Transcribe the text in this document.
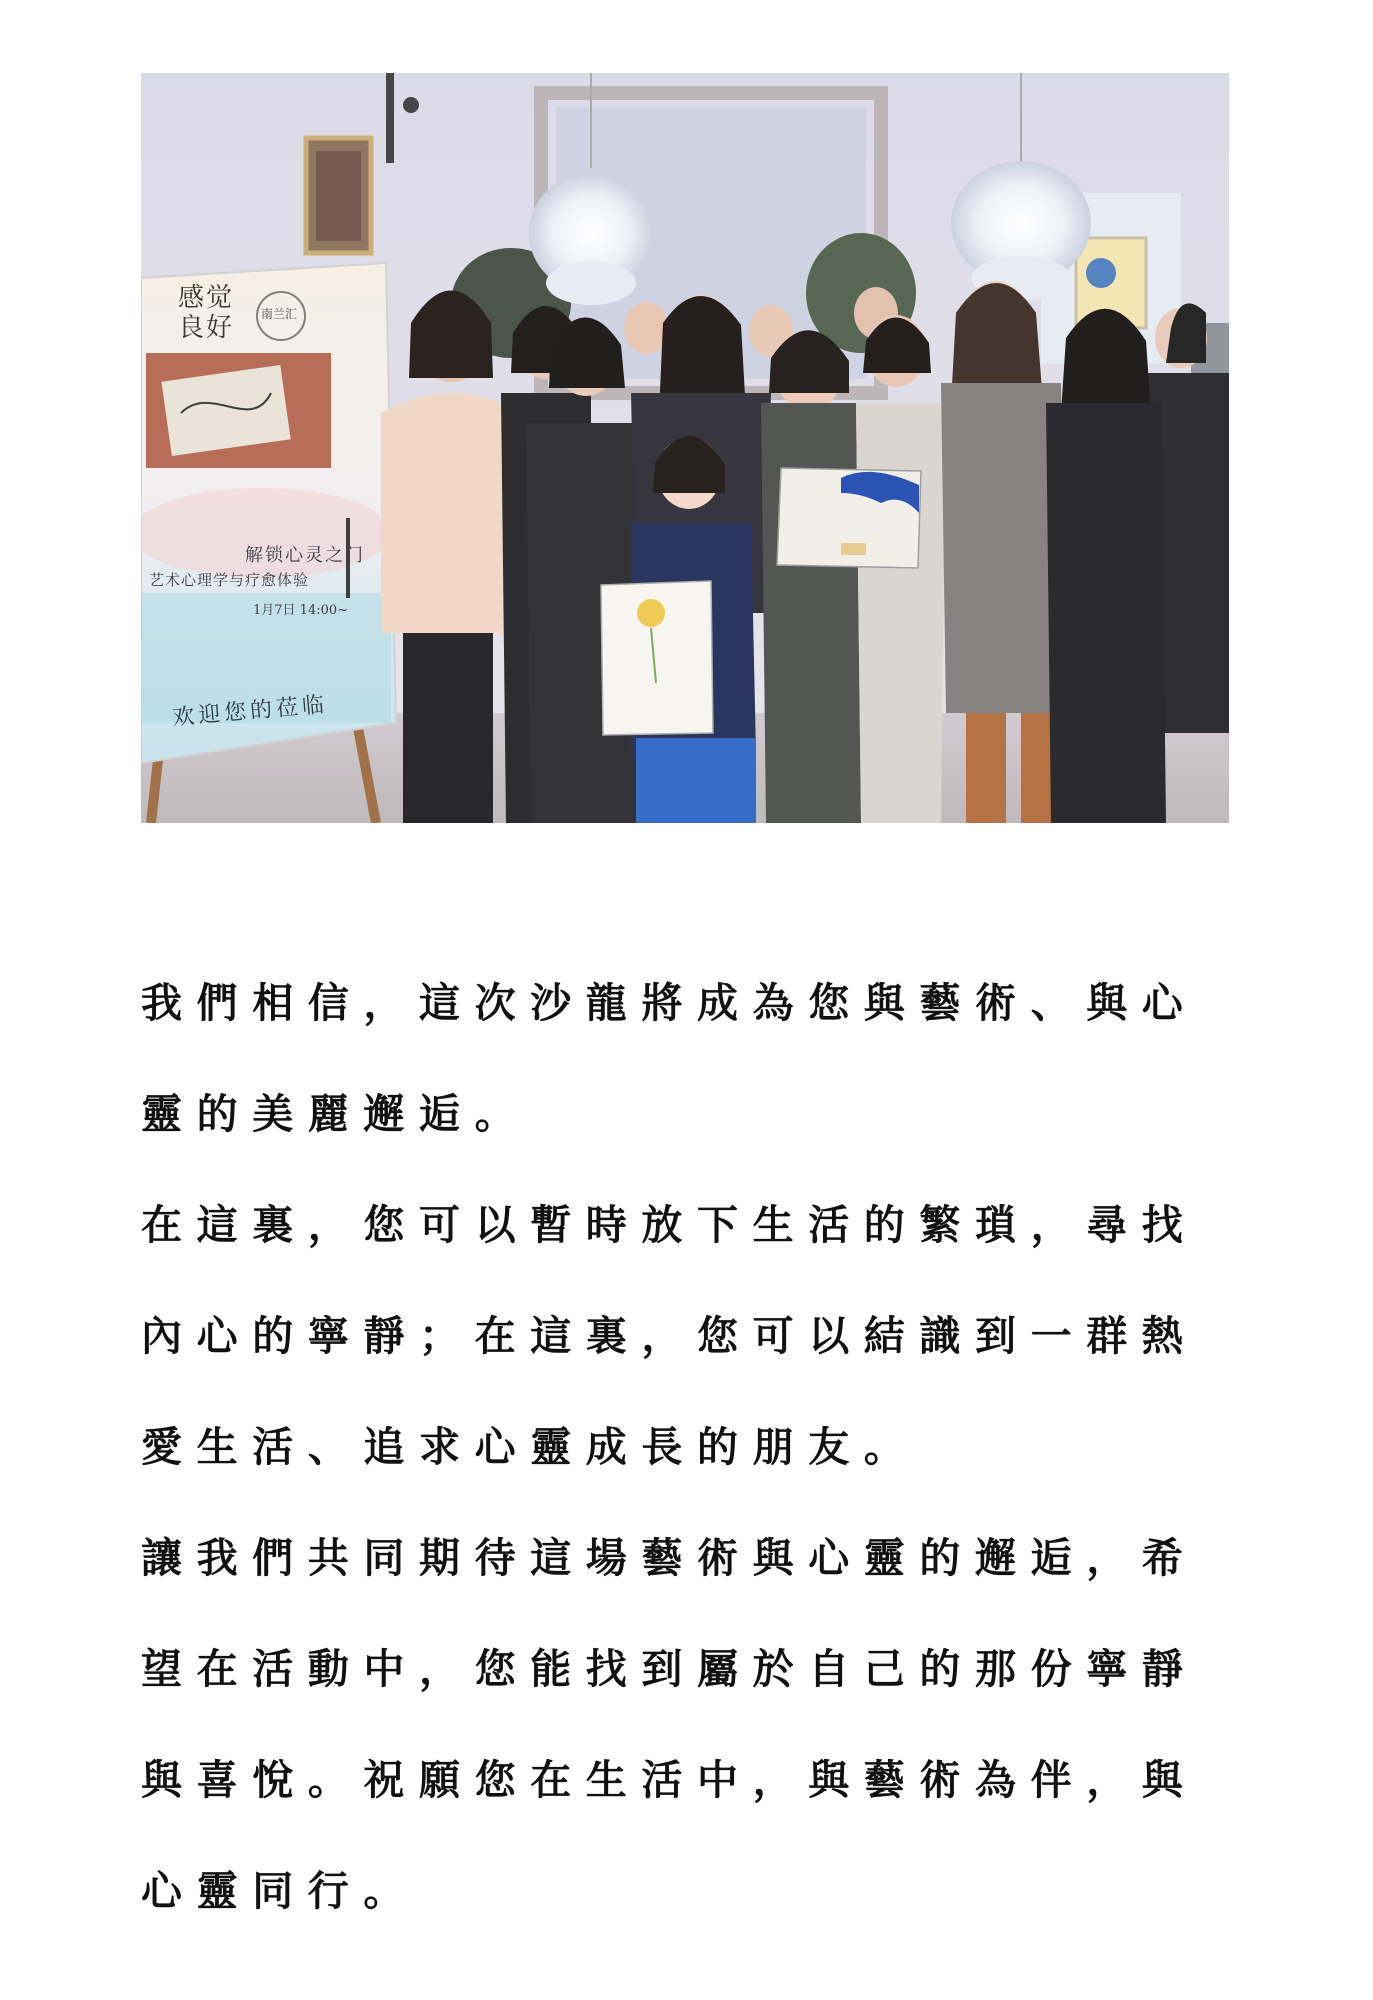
感觉良好	南兰汇
解锁心灵之门
艺术心理学与疗愈体验
1月7日 14:00~
欢迎您的莅临

我們相信，這次沙龍將成為您與藝術、與心靈的美麗邂逅。

在這裏，您可以暫時放下生活的繁瑣，尋找內心的寧靜；在這裏，您可以結識到一群熱愛生活、追求心靈成長的朋友。

讓我們共同期待這場藝術與心靈的邂逅，希望在活動中，您能找到屬於自己的那份寧靜與喜悅。祝願您在生活中，與藝術為伴，與心靈同行。
